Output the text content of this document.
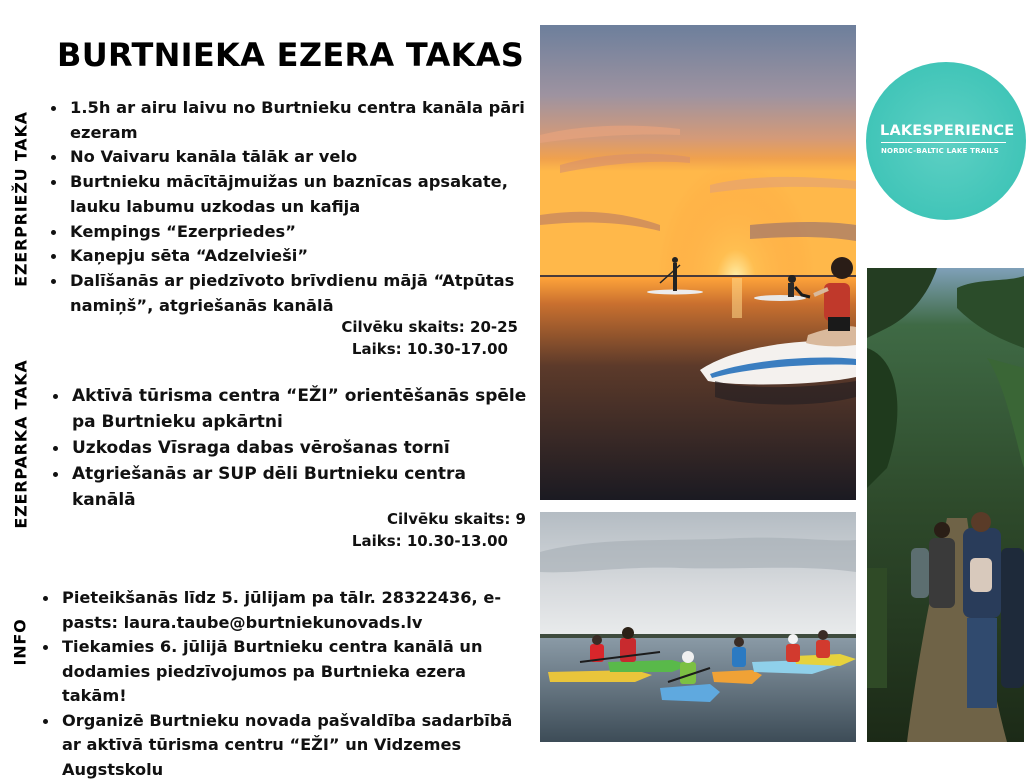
BURTNIEKA EZERA TAKAS
EZERPRIEŽU TAKA
EZERPARKA TAKA
INFO
1.5h ar airu laivu no Burtnieku centra kanāla pāri ezeram
No Vaivaru kanāla tālāk ar velo
Burtnieku mācītājmuižas un baznīcas apsakate, lauku labumu uzkodas un kafija
Kempings “Ezerpriedes”
Kaņepju sēta “Adzelvieši”
Dalīšanās ar piedzīvoto brīvdienu mājā “Atpūtas namiņš”, atgriešanās kanālā
Cilvēku skaits: 20-25
Laiks: 10.30-17.00
Aktīvā tūrisma centra “EŽI” orientēšanās spēle pa Burtnieku apkārtni
Uzkodas Vīsraga dabas vērošanas tornī
Atgriešanās ar SUP dēli Burtnieku centra kanālā
Cilvēku skaits: 9
Laiks: 10.30-13.00
Pieteikšanās līdz 5. jūlijam pa tālr. 28322436, e-pasts: laura.taube@burtniekunovads.lv
Tiekamies 6. jūlijā Burtnieku centra kanālā un dodamies piedzīvojumos pa Burtnieka ezera takām!
Organizē Burtnieku novada pašvaldība sadarbībā ar aktīvā tūrisma centru “EŽI” un Vidzemes Augstskolu
LAKESPERIENCE
NORDIC-BALTIC LAKE TRAILS
